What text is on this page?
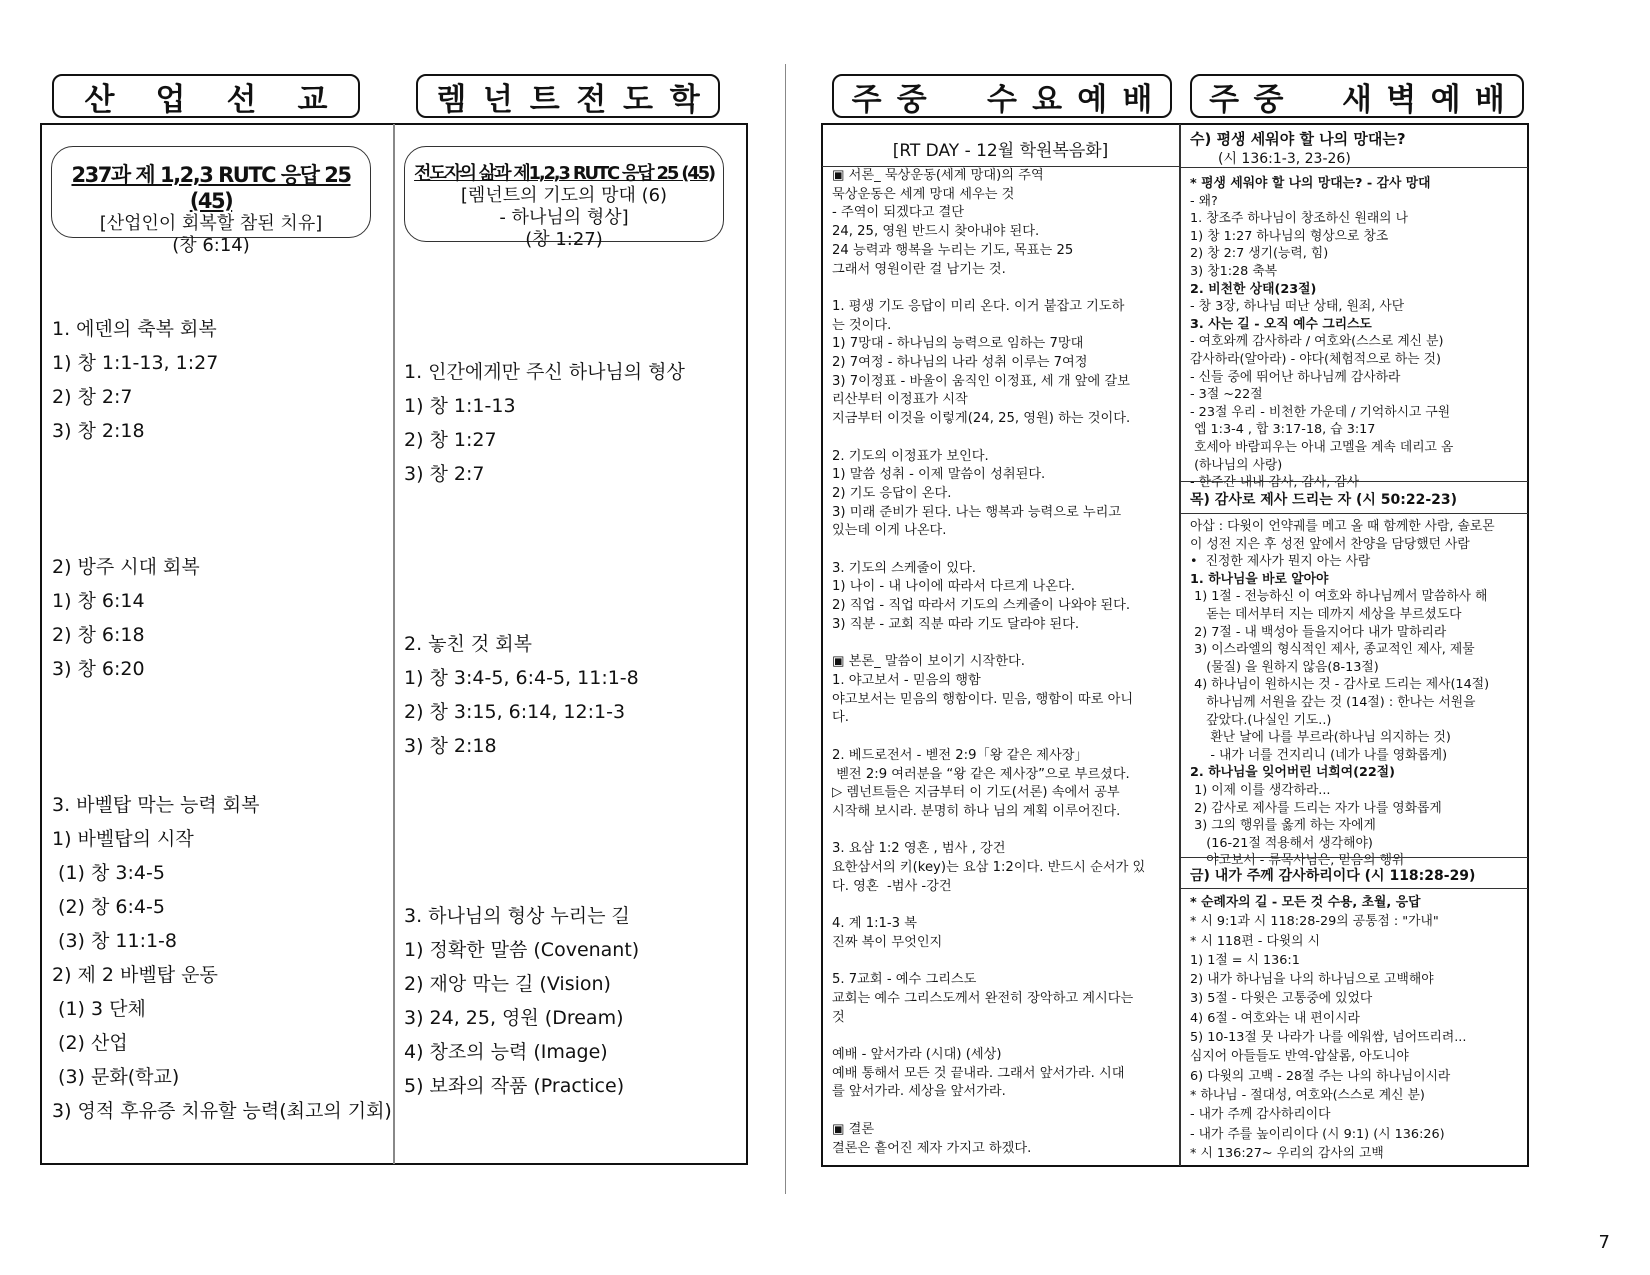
산	업	선	교	렘 넌 트 전 도 학	주 중 수 요 예 배 주 중 새 벽 예 배
237과 제 1,2,3 RUTC 응답 25 (45)
[산업인이 회복할 참된 치유]
(창 6:14)
1. 에덴의 축복 회복
1) 창 1:1-13, 1:27
2) 창 2:7
3) 창 2:18

2) 방주 시대 회복
1) 창 6:14
2) 창 6:18
3) 창 6:20

3. 바벨탑 막는 능력 회복
1) 바벨탑의 시작
(1) 창 3:4-5
(2) 창 6:4-5
(3) 창 11:1-8
2) 제 2 바벨탑 운동
(1) 3 단체
(2) 산업
(3) 문화(학교)
3) 영적 후유증 치유할 능력(최고의 기회)
전도자의 삶과 제1,2,3 RUTC 응답 25 (45)
[렘넌트의 기도의 망대 (6)
- 하나님의 형상]
(창 1:27)
1. 인간에게만 주신 하나님의 형상
1) 창 1:1-13
2) 창 1:27
3) 창 2:7

2. 놓친 것 회복
1) 창 3:4-5, 6:4-5, 11:1-8
2) 창 3:15, 6:14, 12:1-3
3) 창 2:18

3. 하나님의 형상 누리는 길
1) 정확한 말씀 (Covenant)
2) 재앙 막는 길 (Vision)
3) 24, 25, 영원 (Dream)
4) 창조의 능력 (Image)
5) 보좌의 작품 (Practice)
[RT DAY - 12월 학원복음화]
▣ 서론_ 묵상운동(세계 망대)의 주역
묵상운동은 세계 망대 세우는 것
- 주역이 되겠다고 결단
24, 25, 영원 반드시 찾아내야 된다.
24 능력과 행복을 누리는 기도, 목표는 25
그래서 영원이란 걸 남기는 것.

1. 평생 기도 응답이 미리 온다. 이거 붙잡고 기도하
는 것이다.
1) 7망대 - 하나님의 능력으로 임하는 7망대
2) 7여정 - 하나님의 나라 성취 이루는 7여정
3) 7이정표 - 바울이 움직인 이정표, 세 개 앞에 갈보
리산부터 이정표가 시작
지금부터 이것을 이렇게(24, 25, 영원) 하는 것이다.

2. 기도의 이정표가 보인다.
1) 말씀 성취 - 이제 말씀이 성취된다.
2) 기도 응답이 온다.
3) 미래 준비가 된다. 나는 행복과 능력으로 누리고
있는데 이게 나온다.

3. 기도의 스케줄이 있다.
1) 나이 - 내 나이에 따라서 다르게 나온다.
2) 직업 - 직업 따라서 기도의 스케줄이 나와야 된다.
3) 직분 - 교회 직분 따라 기도 달라야 된다.

▣ 본론_ 말씀이 보이기 시작한다.
1. 야고보서 - 믿음의 행함
야고보서는 믿음의 행함이다. 믿음, 행함이 따로 아니
다.

2. 베드로전서 - 벧전 2:9「왕 같은 제사장」
벧전 2:9 여러분을 “왕 같은 제사장”으로 부르셨다.
▷ 렘넌트들은 지금부터 이 기도(서론) 속에서 공부
시작해 보시라. 분명히 하나 님의 계획 이루어진다.

3. 요삼 1:2 영혼 , 범사 , 강건
요한삼서의 키(key)는 요삼 1:2이다. 반드시 순서가 있
다. 영혼  -범사 -강건

4. 계 1:1-3 복
진짜 복이 무엇인지

5. 7교회 - 예수 그리스도
교회는 예수 그리스도께서 완전히 장악하고 계시다는
것

예배 - 앞서가라 (시대) (세상)
예배 통해서 모든 것 끝내라. 그래서 앞서가라. 시대
를 앞서가라. 세상을 앞서가라.

▣ 결론
결론은 흩어진 제자 가지고 하겠다.
수) 평생 세워야 할 나의 망대는?
(시 136:1-3, 23-26)
* 평생 세워야 할 나의 망대는? - 감사 망대
- 왜?
1. 창조주 하나님이 창조하신 원래의 나
1) 창 1:27 하나님의 형상으로 창조
2) 창 2:7 생기(능력, 힘)
3) 창1:28 축복
2. 비천한 상태(23절)
- 창 3장, 하나님 떠난 상태, 원죄, 사단
3. 사는 길 - 오직 예수 그리스도
- 여호와께 감사하라 / 여호와(스스로 계신 분)
감사하라(알아라) - 야다(체험적으로 하는 것)
- 신들 중에 뛰어난 하나님께 감사하라
- 3절 ~22절
- 23절 우리 - 비천한 가운데 / 기억하시고 구원
엡 1:3-4 , 합 3:17-18, 습 3:17
호세아 바람피우는 아내 고멜을 계속 데리고 옴
(하나님의 사랑)
- 한주간 내내 감사, 감사, 감사
목) 감사로 제사 드리는 자 (시 50:22-23)
아삽 : 다윗이 언약궤를 메고 올 때 함께한 사람, 솔로몬
이 성전 지은 후 성전 앞에서 찬양을 담당했던 사람
•  진정한 제사가 뭔지 아는 사람
1. 하나님을 바로 알아야
1) 1절 - 전능하신 이 여호와 하나님께서 말씀하사 해
돋는 데서부터 지는 데까지 세상을 부르셨도다
2) 7절 - 내 백성아 들을지어다 내가 말하리라
3) 이스라엘의 형식적인 제사, 종교적인 제사, 제물
(물질) 을 원하지 않음(8-13절)
4) 하나님이 원하시는 것 - 감사로 드리는 제사(14절)
하나님께 서원을 갚는 것 (14절) : 한나는 서원을
갚았다.(나실인 기도..)
환난 날에 나를 부르라(하나님 의지하는 것)
- 내가 너를 건지리니 (네가 나를 영화롭게)
2. 하나님을 잊어버린 너희여(22절)
1) 이제 이를 생각하라...
2) 감사로 제사를 드리는 자가 나를 영화롭게
3) 그의 행위를 옳게 하는 자에게
(16-21절 적용해서 생각해야)
야고보서 - 류목사님은, 믿음의 행위
금) 내가 주께 감사하리이다 (시 118:28-29)
* 순례자의 길 - 모든 것 수용, 초월, 응답
* 시 9:1과 시 118:28-29의 공통점 : "가내"
* 시 118편 - 다윗의 시
1) 1절 = 시 136:1
2) 내가 하나님을 나의 하나님으로 고백해야
3) 5절 - 다윗은 고통중에 있었다
4) 6절 - 여호와는 내 편이시라
5) 10-13절 뭇 나라가 나를 에워쌈, 넘어뜨리려...
심지어 아들들도 반역-압살롬, 아도니야
6) 다윗의 고백 - 28절 주는 나의 하나님이시라
* 하나님 - 절대성, 여호와(스스로 계신 분)
- 내가 주께 감사하리이다
- 내가 주를 높이리이다 (시 9:1) (시 136:26)
* 시 136:27~ 우리의 감사의 고백
7
